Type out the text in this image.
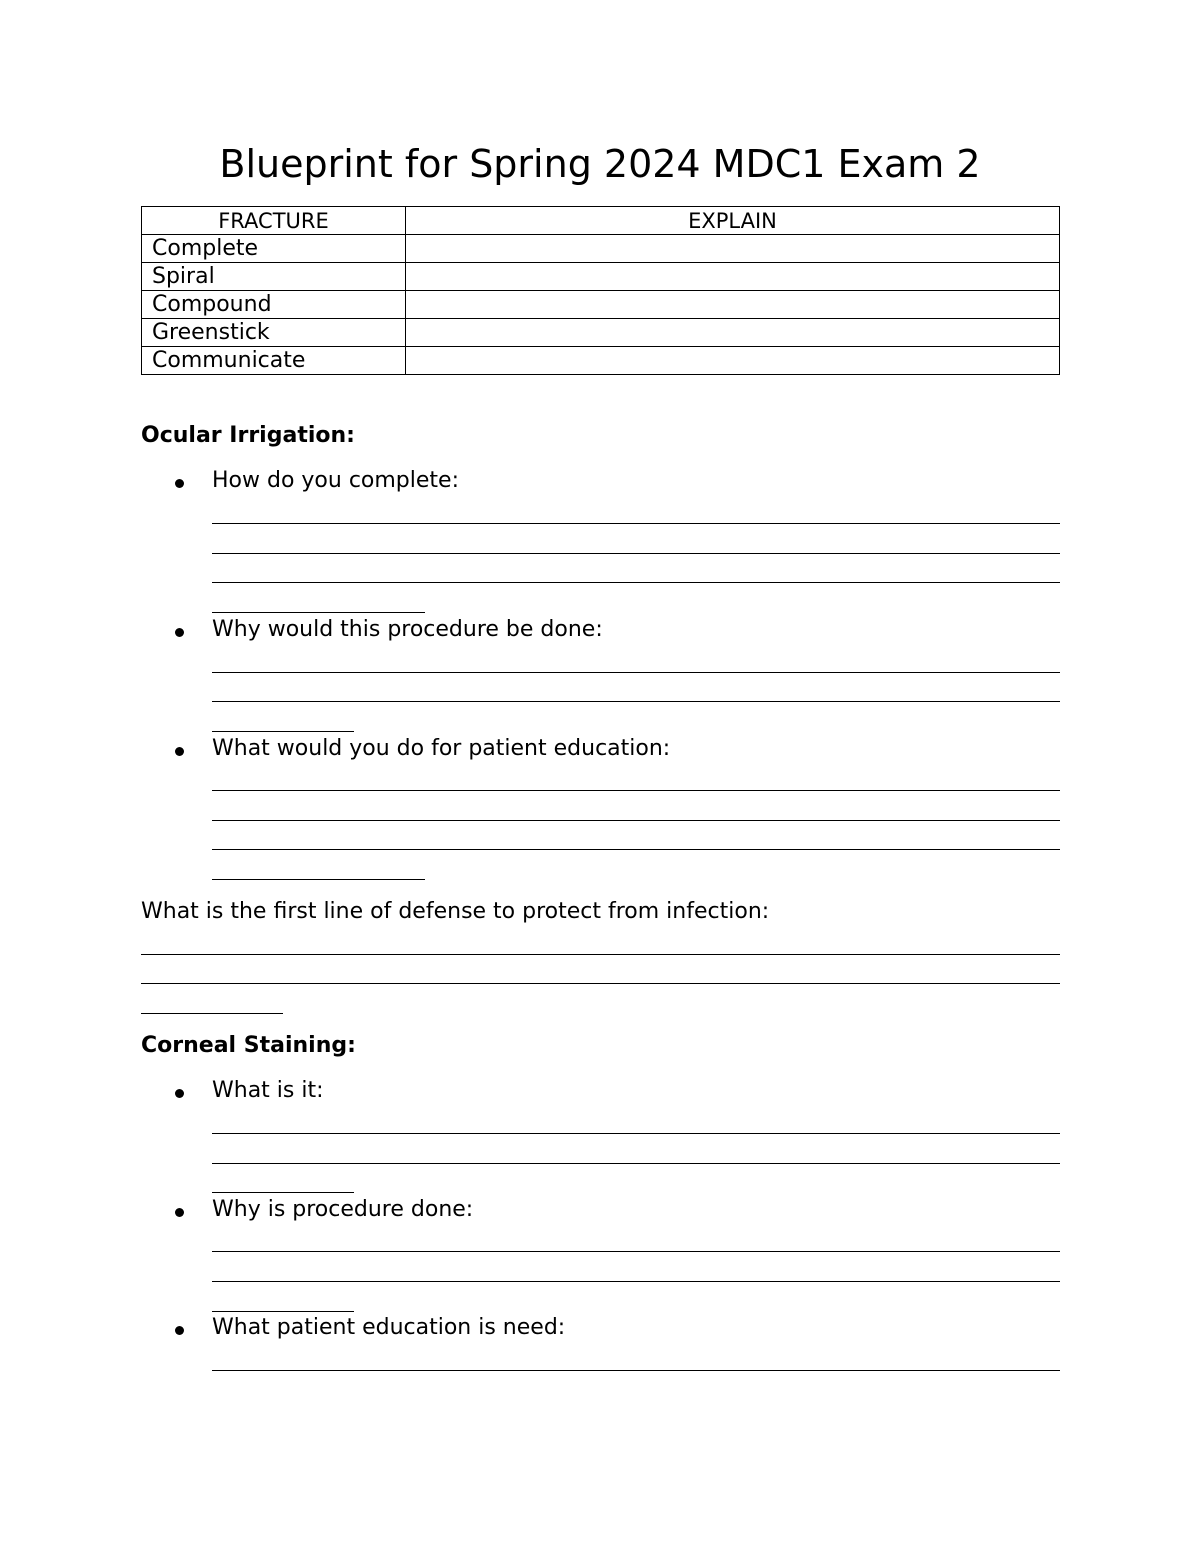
Blueprint for Spring 2024 MDC1 Exam 2
FRACTURE	EXPLAIN
Complete	
Spiral	
Compound	
Greenstick	
Communicate	
Ocular Irrigation:
How do you complete:
Why would this procedure be done:
What would you do for patient education:
What is the first line of defense to protect from infection:
Corneal Staining:
What is it:
Why is procedure done:
What patient education is need:
